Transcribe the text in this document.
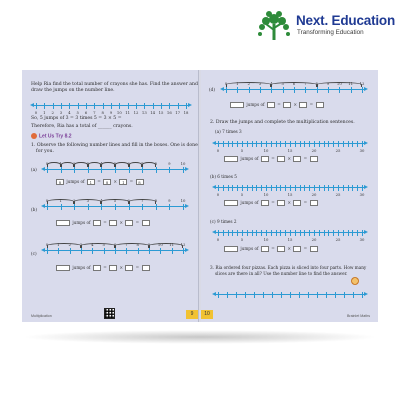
Next. Education
Transforming Education
Help Ria find the total number of crayons she has. Find the answer and
draw the jumps on the number line.
0 1 2 3 4 5 6 7 8 9 10 11 12 13 14 15 16 17 18
So, 5 jumps of 3 = 3 times 5 = 3 × 5 =
Therefore, Ria has a total of ______ crayons.
Let Us Try 8.2
1. Observe the following number lines and fill in the boxes. One is done
for you.
(a)
0	1	2	3	4	5	6	7	8	9	10
8 jumps of 1 = 8 × 1 = 8
(b)
0	1	2	3	4	5	6	7	8	9	10
jumps of	=	×	=
(c)
0 1 2 3 4 5 6 7 8 9 10 11 12
jumps of	=	×	=
Multiplication	9
(d)
0 1 2 3 4 5 6 7 8 9 10 11 12
jumps of	=	×	=
2. Draw the jumps and complete the multiplication sentences.
(a) 7 times 3
0	5	10	15	20	25	30
jumps of	=	×	=
(b) 6 times 5
0	5	10	15	20	25	30
jumps of	=	×	=
(c) 9 times 2
0	5	10	15	20	25	30
jumps of	=	×	=
3. Ria ordered four pizzas. Each pizza is sliced into four parts. How many
slices are there in all? Use the number line to find the answer.
10	Brainlet Maths
